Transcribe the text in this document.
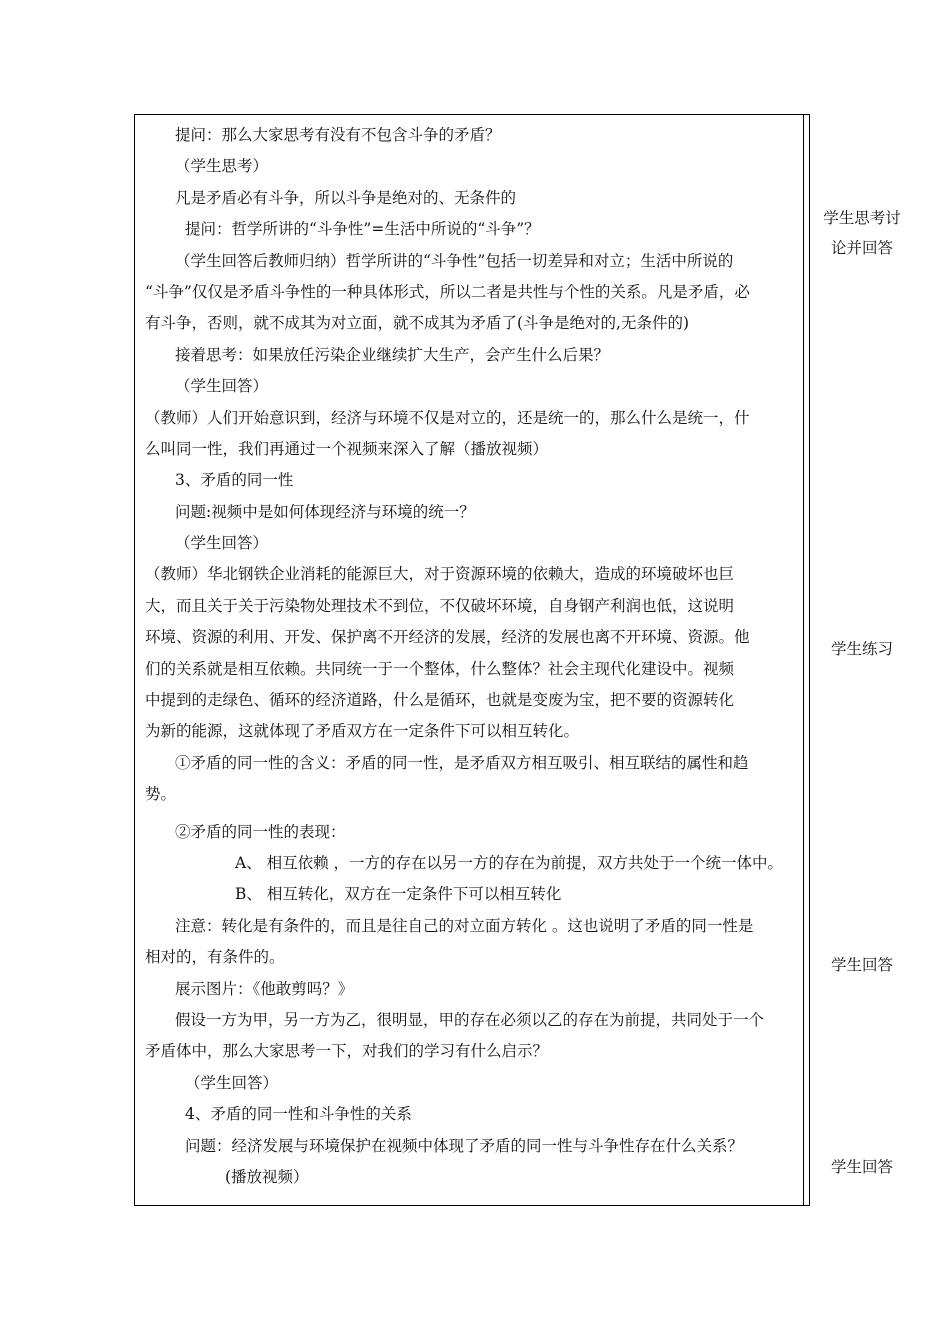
提问：那么大家思考有没有不包含斗争的矛盾？
（学生思考）
凡是矛盾必有斗争，所以斗争是绝对的、无条件的
提问：哲学所讲的“斗争性”=生活中所说的“斗争”？
（学生回答后教师归纳）哲学所讲的“斗争性”包括一切差异和对立；生活中所说的
“斗争”仅仅是矛盾斗争性的一种具体形式，所以二者是共性与个性的关系。凡是矛盾，必
有斗争，否则，就不成其为对立面，就不成其为矛盾了(斗争是绝对的,无条件的)
接着思考：如果放任污染企业继续扩大生产，会产生什么后果？
（学生回答）
（教师）人们开始意识到，经济与环境不仅是对立的，还是统一的，那么什么是统一，什
么叫同一性，我们再通过一个视频来深入了解（播放视频）
3、矛盾的同一性
问题:视频中是如何体现经济与环境的统一？
（学生回答）
（教师）华北钢铁企业消耗的能源巨大，对于资源环境的依赖大，造成的环境破坏也巨
大，而且关于关于污染物处理技术不到位，不仅破坏环境，自身钢产利润也低，这说明
环境、资源的利用、开发、保护离不开经济的发展，经济的发展也离不开环境、资源。他
们的关系就是相互依赖。共同统一于一个整体，什么整体？社会主现代化建设中。视频
中提到的走绿色、循环的经济道路，什么是循环，也就是变废为宝，把不要的资源转化
为新的能源，这就体现了矛盾双方在一定条件下可以相互转化。
①矛盾的同一性的含义：矛盾的同一性，是矛盾双方相互吸引、相互联结的属性和趋
势。
②矛盾的同一性的表现：
A、 相互依赖 ，一方的存在以另一方的存在为前提，双方共处于一个统一体中。
B、 相互转化，双方在一定条件下可以相互转化
注意：转化是有条件的，而且是往自己的对立面方转化 。这也说明了矛盾的同一性是
相对的，有条件的。
展示图片：《他敢剪吗？》
假设一方为甲，另一方为乙，很明显，甲的存在必须以乙的存在为前提，共同处于一个
矛盾体中，那么大家思考一下，对我们的学习有什么启示？
（学生回答）
4、矛盾的同一性和斗争性的关系
问题：经济发展与环境保护在视频中体现了矛盾的同一性与斗争性存在什么关系？
(播放视频）
学生思考讨
论并回答
学生练习
学生回答
学生回答
